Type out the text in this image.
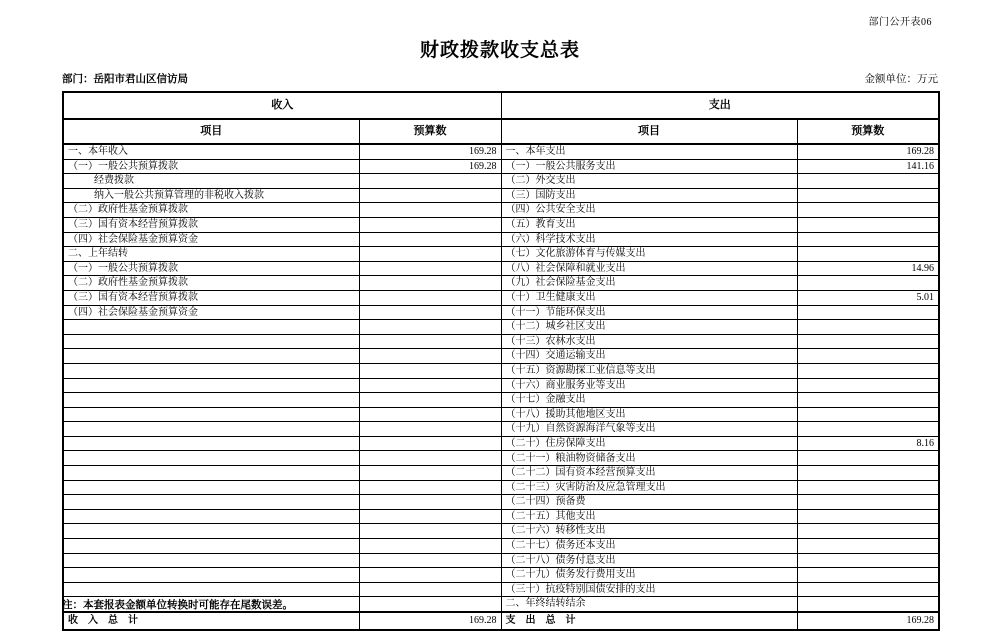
部门公开表06
财政拨款收支总表
部门：岳阳市君山区信访局	金额单位：万元
收入		支出	
项目	预算数	项目	预算数
一、本年收入	169.28	一、本年支出	169.28
（一）一般公共预算拨款	169.28	（一）一般公共服务支出	141.16
经费拨款		（二）外交支出	
纳入一般公共预算管理的非税收入拨款		（三）国防支出	
（二）政府性基金预算拨款		（四）公共安全支出	
（三）国有资本经营预算拨款		（五）教育支出	
（四）社会保险基金预算资金		（六）科学技术支出	
二、上年结转		（七）文化旅游体育与传媒支出	
（一）一般公共预算拨款		（八）社会保障和就业支出	14.96
（二）政府性基金预算拨款		（九）社会保险基金支出	
（三）国有资本经营预算拨款		（十）卫生健康支出	5.01
（四）社会保险基金预算资金		（十一）节能环保支出	
		（十二）城乡社区支出	
		（十三）农林水支出	
		（十四）交通运输支出	
		（十五）资源勘探工业信息等支出	
		（十六）商业服务业等支出	
		（十七）金融支出	
		（十八）援助其他地区支出	
		（十九）自然资源海洋气象等支出	
		（二十）住房保障支出	8.16
		（二十一）粮油物资储备支出	
		（二十二）国有资本经营预算支出	
		（二十三）灾害防治及应急管理支出	
		（二十四）预备费	
		（二十五）其他支出	
		（二十六）转移性支出	
		（二十七）债务还本支出	
		（二十八）债务付息支出	
		（二十九）债务发行费用支出	
		（三十）抗疫特别国债安排的支出	
		二、年终结转结余	
收　入　总　计	169.28	支　出　总　计	169.28
注：本套报表金额单位转换时可能存在尾数误差。
